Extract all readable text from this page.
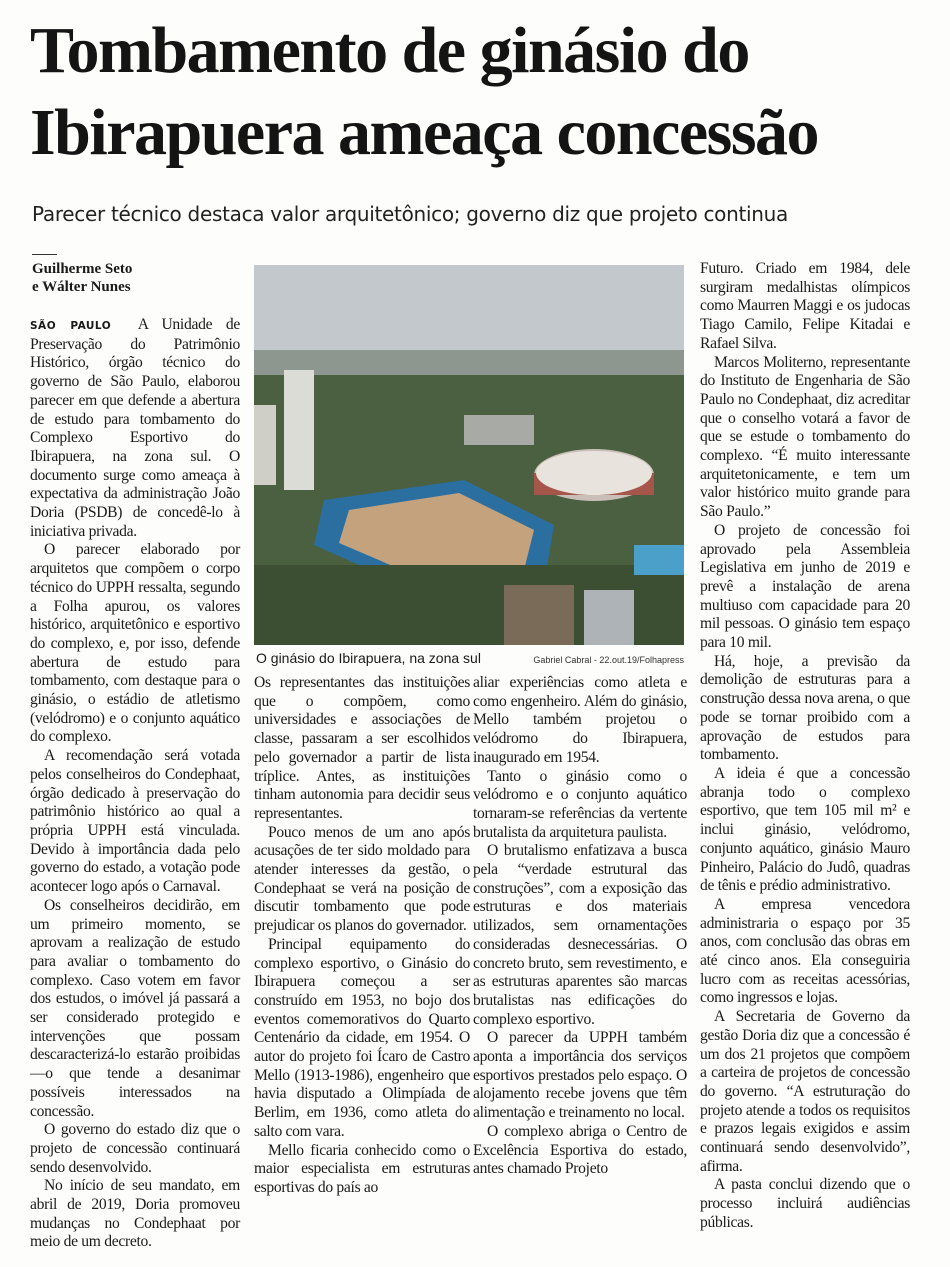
Tombamento de ginásio do Ibirapuera ameaça concessão
Parecer técnico destaca valor arquitetônico; governo diz que projeto continua
Guilherme Seto
e Wálter Nunes
O ginásio do Ibirapuera, na zona sul	Gabriel Cabral - 22.out.19/Folhapress

SÃO PAULO A Unidade de Preservação do Patrimônio Histórico, órgão técnico do governo de São Paulo, elaborou parecer em que defende a abertura de estudo para tombamento do Complexo Esportivo do Ibirapuera, na zona sul. O documento surge como ameaça à expectativa da administração João Doria (PSDB) de concedê-lo à iniciativa privada.

O parecer elaborado por arquitetos que compõem o corpo técnico do UPPH ressalta, segundo a Folha apurou, os valores histórico, arquitetônico e esportivo do complexo, e, por isso, defende abertura de estudo para tombamento, com destaque para o ginásio, o estádio de atletismo (velódromo) e o conjunto aquático do complexo.

A recomendação será votada pelos conselheiros do Condephaat, órgão dedicado à preservação do patrimônio histórico ao qual a própria UPPH está vinculada. Devido à importância dada pelo governo do estado, a votação pode acontecer logo após o Carnaval.

Os conselheiros decidirão, em um primeiro momento, se aprovam a realização de estudo para avaliar o tombamento do complexo. Caso votem em favor dos estudos, o imóvel já passará a ser considerado protegido e intervenções que possam descaracterizá-lo estarão proibidas —o que tende a desanimar possíveis interessados na concessão.

O governo do estado diz que o projeto de concessão continuará sendo desenvolvido.

No início de seu mandato, em abril de 2019, Doria promoveu mudanças no Condephaat por meio de um decreto.

Os representantes das instituições que o compõem, como universidades e associações de classe, passaram a ser escolhidos pelo governador a partir de lista tríplice. Antes, as instituições tinham autonomia para decidir seus representantes.

Pouco menos de um ano após acusações de ter sido moldado para atender interesses da gestão, o Condephaat se verá na posição de discutir tombamento que pode prejudicar os planos do governador.

Principal equipamento do complexo esportivo, o Ginásio do Ibirapuera começou a ser construído em 1953, no bojo dos eventos comemorativos do Quarto Centenário da cidade, em 1954. O autor do projeto foi Ícaro de Castro Mello (1913-1986), engenheiro que havia disputado a Olimpíada de Berlim, em 1936, como atleta do salto com vara.

Mello ficaria conhecido como o maior especialista em estruturas esportivas do país ao

aliar experiências como atleta e como engenheiro. Além do ginásio, Mello também projetou o velódromo do Ibirapuera, inaugurado em 1954.

Tanto o ginásio como o velódromo e o conjunto aquático tornaram-se referências da vertente brutalista da arquitetura paulista.

O brutalismo enfatizava a busca pela “verdade estrutural das construções”, com a exposição das estruturas e dos materiais utilizados, sem ornamentações consideradas desnecessárias. O concreto bruto, sem revestimento, e as estruturas aparentes são marcas brutalistas nas edificações do complexo esportivo.

O parecer da UPPH também aponta a importância dos serviços esportivos prestados pelo espaço. O alojamento recebe jovens que têm alimentação e treinamento no local.

O complexo abriga o Centro de Excelência Esportiva do estado, antes chamado Projeto

Futuro. Criado em 1984, dele surgiram medalhistas olímpicos como Maurren Maggi e os judocas Tiago Camilo, Felipe Kitadai e Rafael Silva.

Marcos Moliterno, representante do Instituto de Engenharia de São Paulo no Condephaat, diz acreditar que o conselho votará a favor de que se estude o tombamento do complexo. “É muito interessante arquitetonicamente, e tem um valor histórico muito grande para São Paulo.”

O projeto de concessão foi aprovado pela Assembleia Legislativa em junho de 2019 e prevê a instalação de arena multiuso com capacidade para 20 mil pessoas. O ginásio tem espaço para 10 mil.

Há, hoje, a previsão da demolição de estruturas para a construção dessa nova arena, o que pode se tornar proibido com a aprovação de estudos para tombamento.

A ideia é que a concessão abranja todo o complexo esportivo, que tem 105 mil m² e inclui ginásio, velódromo, conjunto aquático, ginásio Mauro Pinheiro, Palácio do Judô, quadras de tênis e prédio administrativo.

A empresa vencedora administraria o espaço por 35 anos, com conclusão das obras em até cinco anos. Ela conseguiria lucro com as receitas acessórias, como ingressos e lojas.

A Secretaria de Governo da gestão Doria diz que a concessão é um dos 21 projetos que compõem a carteira de projetos de concessão do governo. “A estruturação do projeto atende a todos os requisitos e prazos legais exigidos e assim continuará sendo desenvolvido”, afirma.

A pasta conclui dizendo que o processo incluirá audiências públicas.
